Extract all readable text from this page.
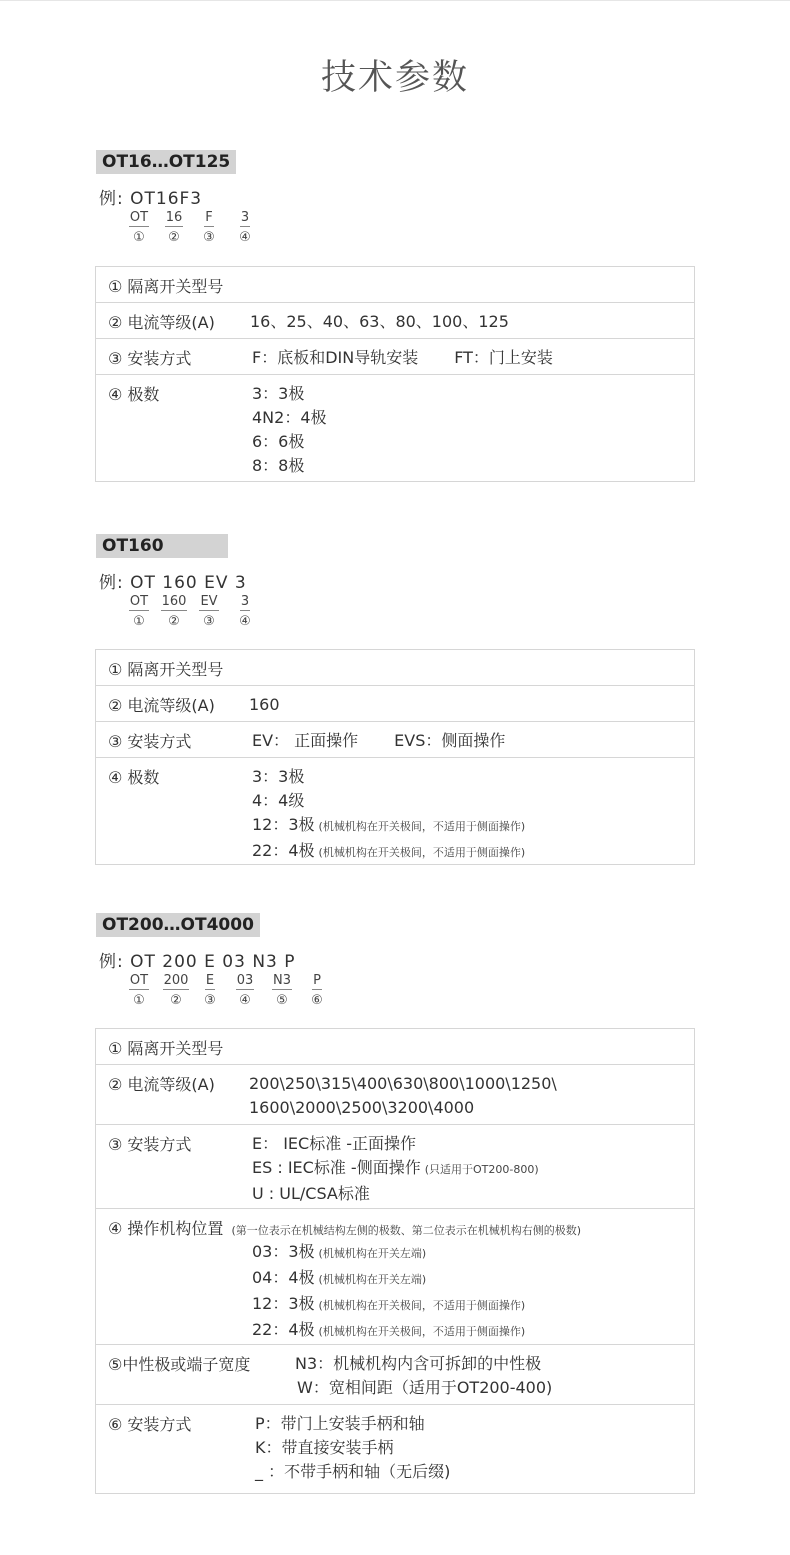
技术参数
OT16…OT125
例: OT16F3
OT
①
16
②
F
③
3
④
① 隔离开关型号
② 电流等级(A) 16、25、40、63、80、100、125
③ 安装方式	F：底板和DIN导轨安装 FT：门上安装
④ 极数	3：3极
4N2：4极
6：6极
8：8极
OT160
例: OT 160 EV 3
OT
①
160
②
EV
③
3
④
① 隔离开关型号
② 电流等级(A) 160
③ 安装方式	EV： 正面操作 EVS：侧面操作
④ 极数	3：3极
4：4级
12：3极 (机械机构在开关极间，不适用于侧面操作)
22：4极 (机械机构在开关极间，不适用于侧面操作)
OT200…OT4000
例: OT 200 E 03 N3 P
OT
①
200
②
E
③
03
④
N3
⑤
P
⑥
① 隔离开关型号
② 电流等级(A) 200\250\315\400\630\800\1000\1250\
1600\2000\2500\3200\4000
③ 安装方式	E： IEC标准 -正面操作
ES : IEC标准 -侧面操作 (只适用于OT200-800)
U : UL/CSA标准
④ 操作机构位置 (第一位表示在机械结构左侧的极数、第二位表示在机械机构右侧的极数)
03：3极 (机械机构在开关左端)
04：4极 (机械机构在开关左端)
12：3极 (机械机构在开关极间，不适用于侧面操作)
22：4极 (机械机构在开关极间，不适用于侧面操作)
⑤中性极或端子宽度	N3：机械机构内含可拆卸的中性极
W：宽相间距（适用于OT200-400)
⑥ 安装方式	P：带门上安装手柄和轴
K：带直接安装手柄
_ ：不带手柄和轴（无后缀)
